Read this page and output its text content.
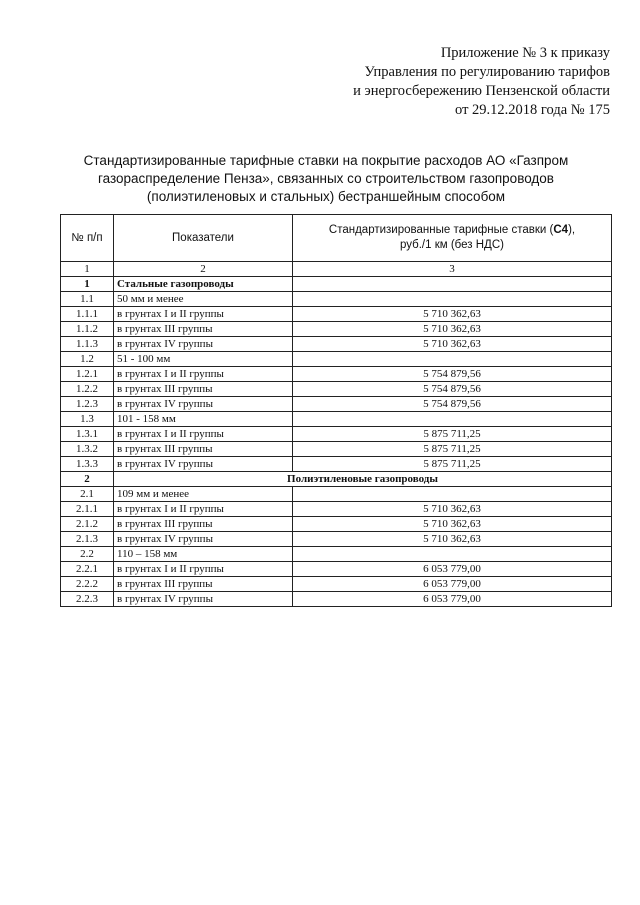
Приложение № 3 к приказу
Управления по регулированию тарифов
и энергосбережению Пензенской области
от 29.12.2018 года № 175
Стандартизированные тарифные ставки на покрытие расходов АО «Газпром
газораспределение Пенза», связанных со строительством газопроводов
(полиэтиленовых и стальных) бестраншейным способом
№ п/п	Показатели	Стандартизированные тарифные ставки (С4),
руб./1 км (без НДС)
1	2	3
1	Стальные газопроводы	
1.1	50 мм и менее	
1.1.1	в грунтах I и II группы	5 710 362,63
1.1.2	в грунтах III группы	5 710 362,63
1.1.3	в грунтах IV группы	5 710 362,63
1.2	51 - 100 мм	
1.2.1	в грунтах I и II группы	5 754 879,56
1.2.2	в грунтах III группы	5 754 879,56
1.2.3	в грунтах IV группы	5 754 879,56
1.3	101 - 158 мм	
1.3.1	в грунтах I и II группы	5 875 711,25
1.3.2	в грунтах III группы	5 875 711,25
1.3.3	в грунтах IV группы	5 875 711,25
2	Полиэтиленовые газопроводы	
2.1	109 мм и менее	
2.1.1	в грунтах I и II группы	5 710 362,63
2.1.2	в грунтах III группы	5 710 362,63
2.1.3	в грунтах IV группы	5 710 362,63
2.2	110 – 158 мм	
2.2.1	в грунтах I и II группы	6 053 779,00
2.2.2	в грунтах III группы	6 053 779,00
2.2.3	в грунтах IV группы	6 053 779,00
